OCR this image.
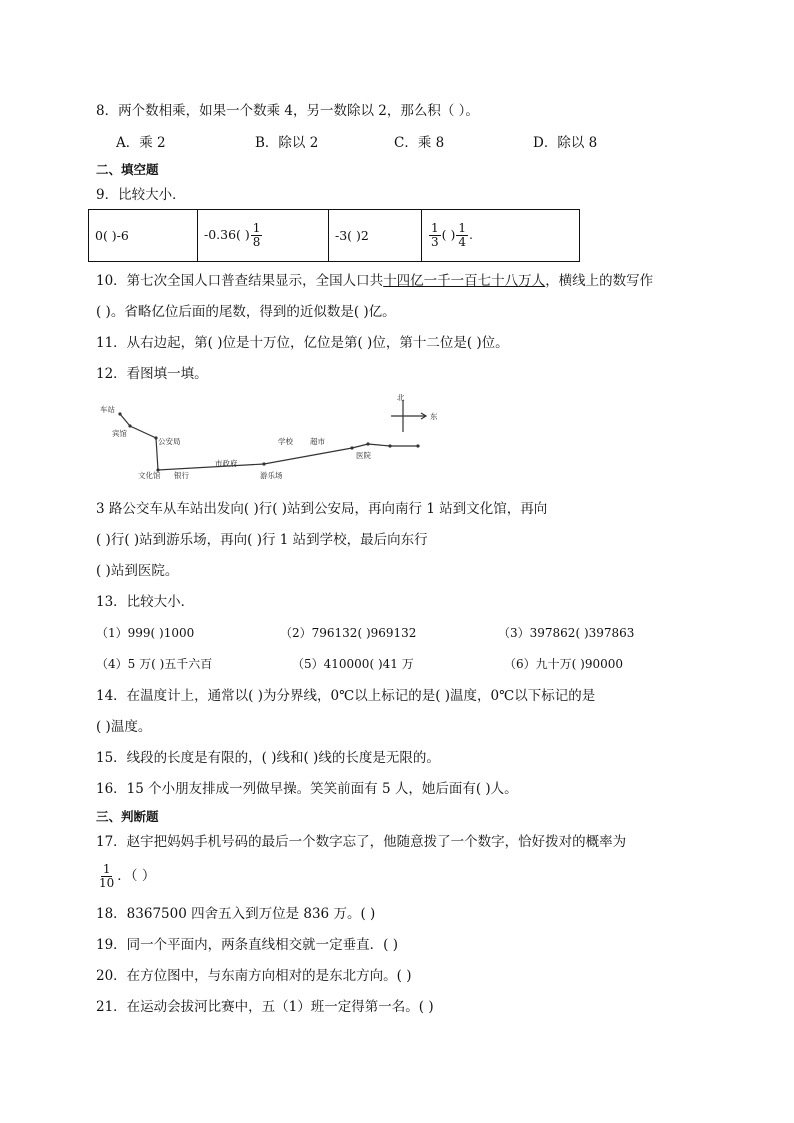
8．两个数相乘，如果一个数乘 4，另一数除以 2，那么积（ ）。
A．乘 2	B．除以 2	C．乘 8	D．除以 8
二、填空题
9．比较大小．
0( )-6	-0.36( ) $\frac{1}{8}$	-3( )2	$\frac{1}{3}$ ( ) $\frac{1}{4}$ .
10．第七次全国人口普查结果显示，全国人口共十四亿一千一百七十八万人，横线上的数写作
( )。省略亿位后面的尾数，得到的近似数是( )亿。
11．从右边起，第( )位是十万位，亿位是第( )位，第十二位是( )位。
12．看图填一填。
车站
宾馆
公安局
文化馆 银行
市政府
游乐场
学校 超市
医院
北
东
3 路公交车从车站出发向( )行( )站到公安局，再向南行 1 站到文化馆，再向
( )行( )站到游乐场，再向( )行 1 站到学校，最后向东行
( )站到医院。
13．比较大小．
（1）999( )1000	（2）796132( )969132	（3）397862( )397863
（4）5 万( )五千六百	（5）410000( )41 万	（6）九十万( )90000
14．在温度计上，通常以( )为分界线，0℃以上标记的是( )温度，0℃以下标记的是
( )温度。
15．线段的长度是有限的，( )线和( )线的长度是无限的。
16．15 个小朋友排成一列做早操。笑笑前面有 5 人，她后面有( )人。
三、判断题
17．赵宇把妈妈手机号码的最后一个数字忘了，他随意拨了一个数字，恰好拨对的概率为
$\frac{1}{10}$ ．（ ）
18．8367500 四舍五入到万位是 836 万。( )
19．同一个平面内，两条直线相交就一定垂直．( )
20．在方位图中，与东南方向相对的是东北方向。( )
21．在运动会拔河比赛中，五（1）班一定得第一名。( )
